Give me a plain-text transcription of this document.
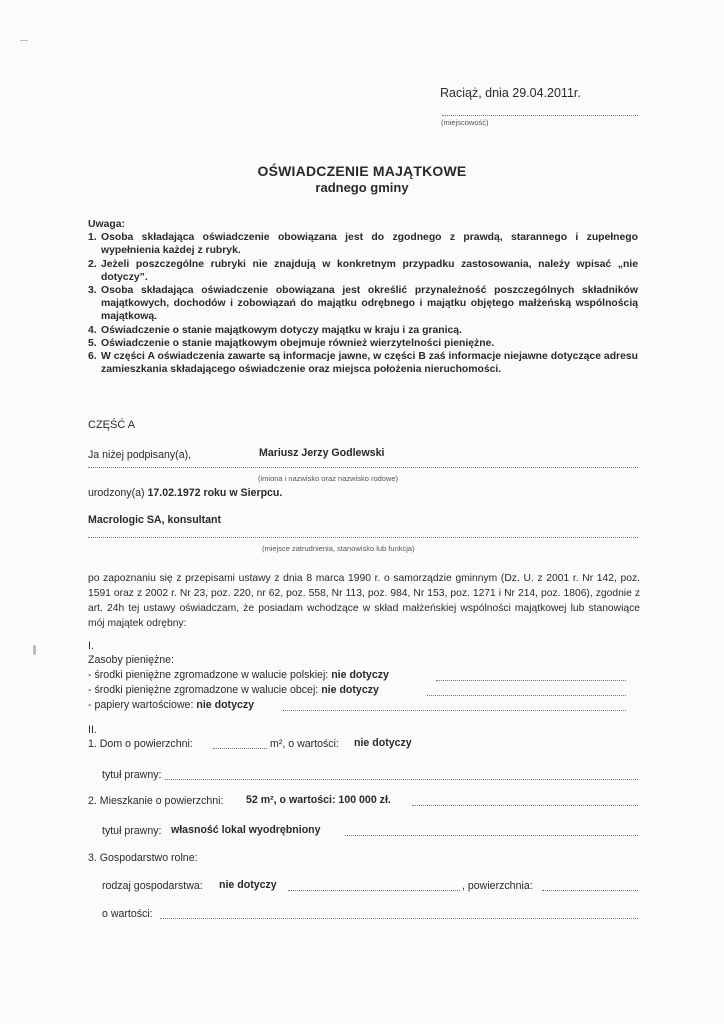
Raciąż, dnia 29.04.2011r.
(miejscowość)
OŚWIADCZENIE MAJĄTKOWE
radnego gminy
Uwaga:
1. Osoba składająca oświadczenie obowiązana jest do zgodnego z prawdą, starannego i zupełnego wypełnienia każdej z rubryk.
2. Jeżeli poszczególne rubryki nie znajdują w konkretnym przypadku zastosowania, należy wpisać „nie dotyczy”.
3. Osoba składająca oświadczenie obowiązana jest określić przynależność poszczególnych składników majątkowych, dochodów i zobowiązań do majątku odrębnego i majątku objętego małżeńską wspólnością majątkową.
4. Oświadczenie o stanie majątkowym dotyczy majątku w kraju i za granicą.
5. Oświadczenie o stanie majątkowym obejmuje również wierzytelności pieniężne.
6. W części A oświadczenia zawarte są informacje jawne, w części B zaś informacje niejawne dotyczące adresu zamieszkania składającego oświadczenie oraz miejsca położenia nieruchomości.
CZĘŚĆ A
Ja niżej podpisany(a),	Mariusz Jerzy Godlewski
(imiona i nazwisko oraz nazwisko rodowe)
urodzony(a) 17.02.1972 roku w Sierpcu.
Macrologic SA, konsultant
(miejsce zatrudnienia, stanowisko lub funkcja)
po zapoznaniu się z przepisami ustawy z dnia 8 marca 1990 r. o samorządzie gminnym (Dz. U. z 2001 r. Nr 142, poz. 1591 oraz z 2002 r. Nr 23, poz. 220, nr 62, poz. 558, Nr 113, poz. 984, Nr 153, poz. 1271 i Nr 214, poz. 1806), zgodnie z art. 24h tej ustawy oświadczam, że posiadam wchodzące w skład małżeńskiej wspólności majątkowej lub stanowiące mój majątek odrębny:
I.
Zasoby pieniężne:
- środki pieniężne zgromadzone w walucie polskiej: nie dotyczy
- środki pieniężne zgromadzone w walucie obcej: nie dotyczy
- papiery wartościowe: nie dotyczy
II.
1. Dom o powierzchni:	m², o wartości: nie dotyczy
tytuł prawny:
2. Mieszkanie o powierzchni: 52 m², o wartości: 100 000 zł.
tytuł prawny: własność lokal wyodrębniony
3. Gospodarstwo rolne:
rodzaj gospodarstwa: nie dotyczy	, powierzchnia:
o wartości:
